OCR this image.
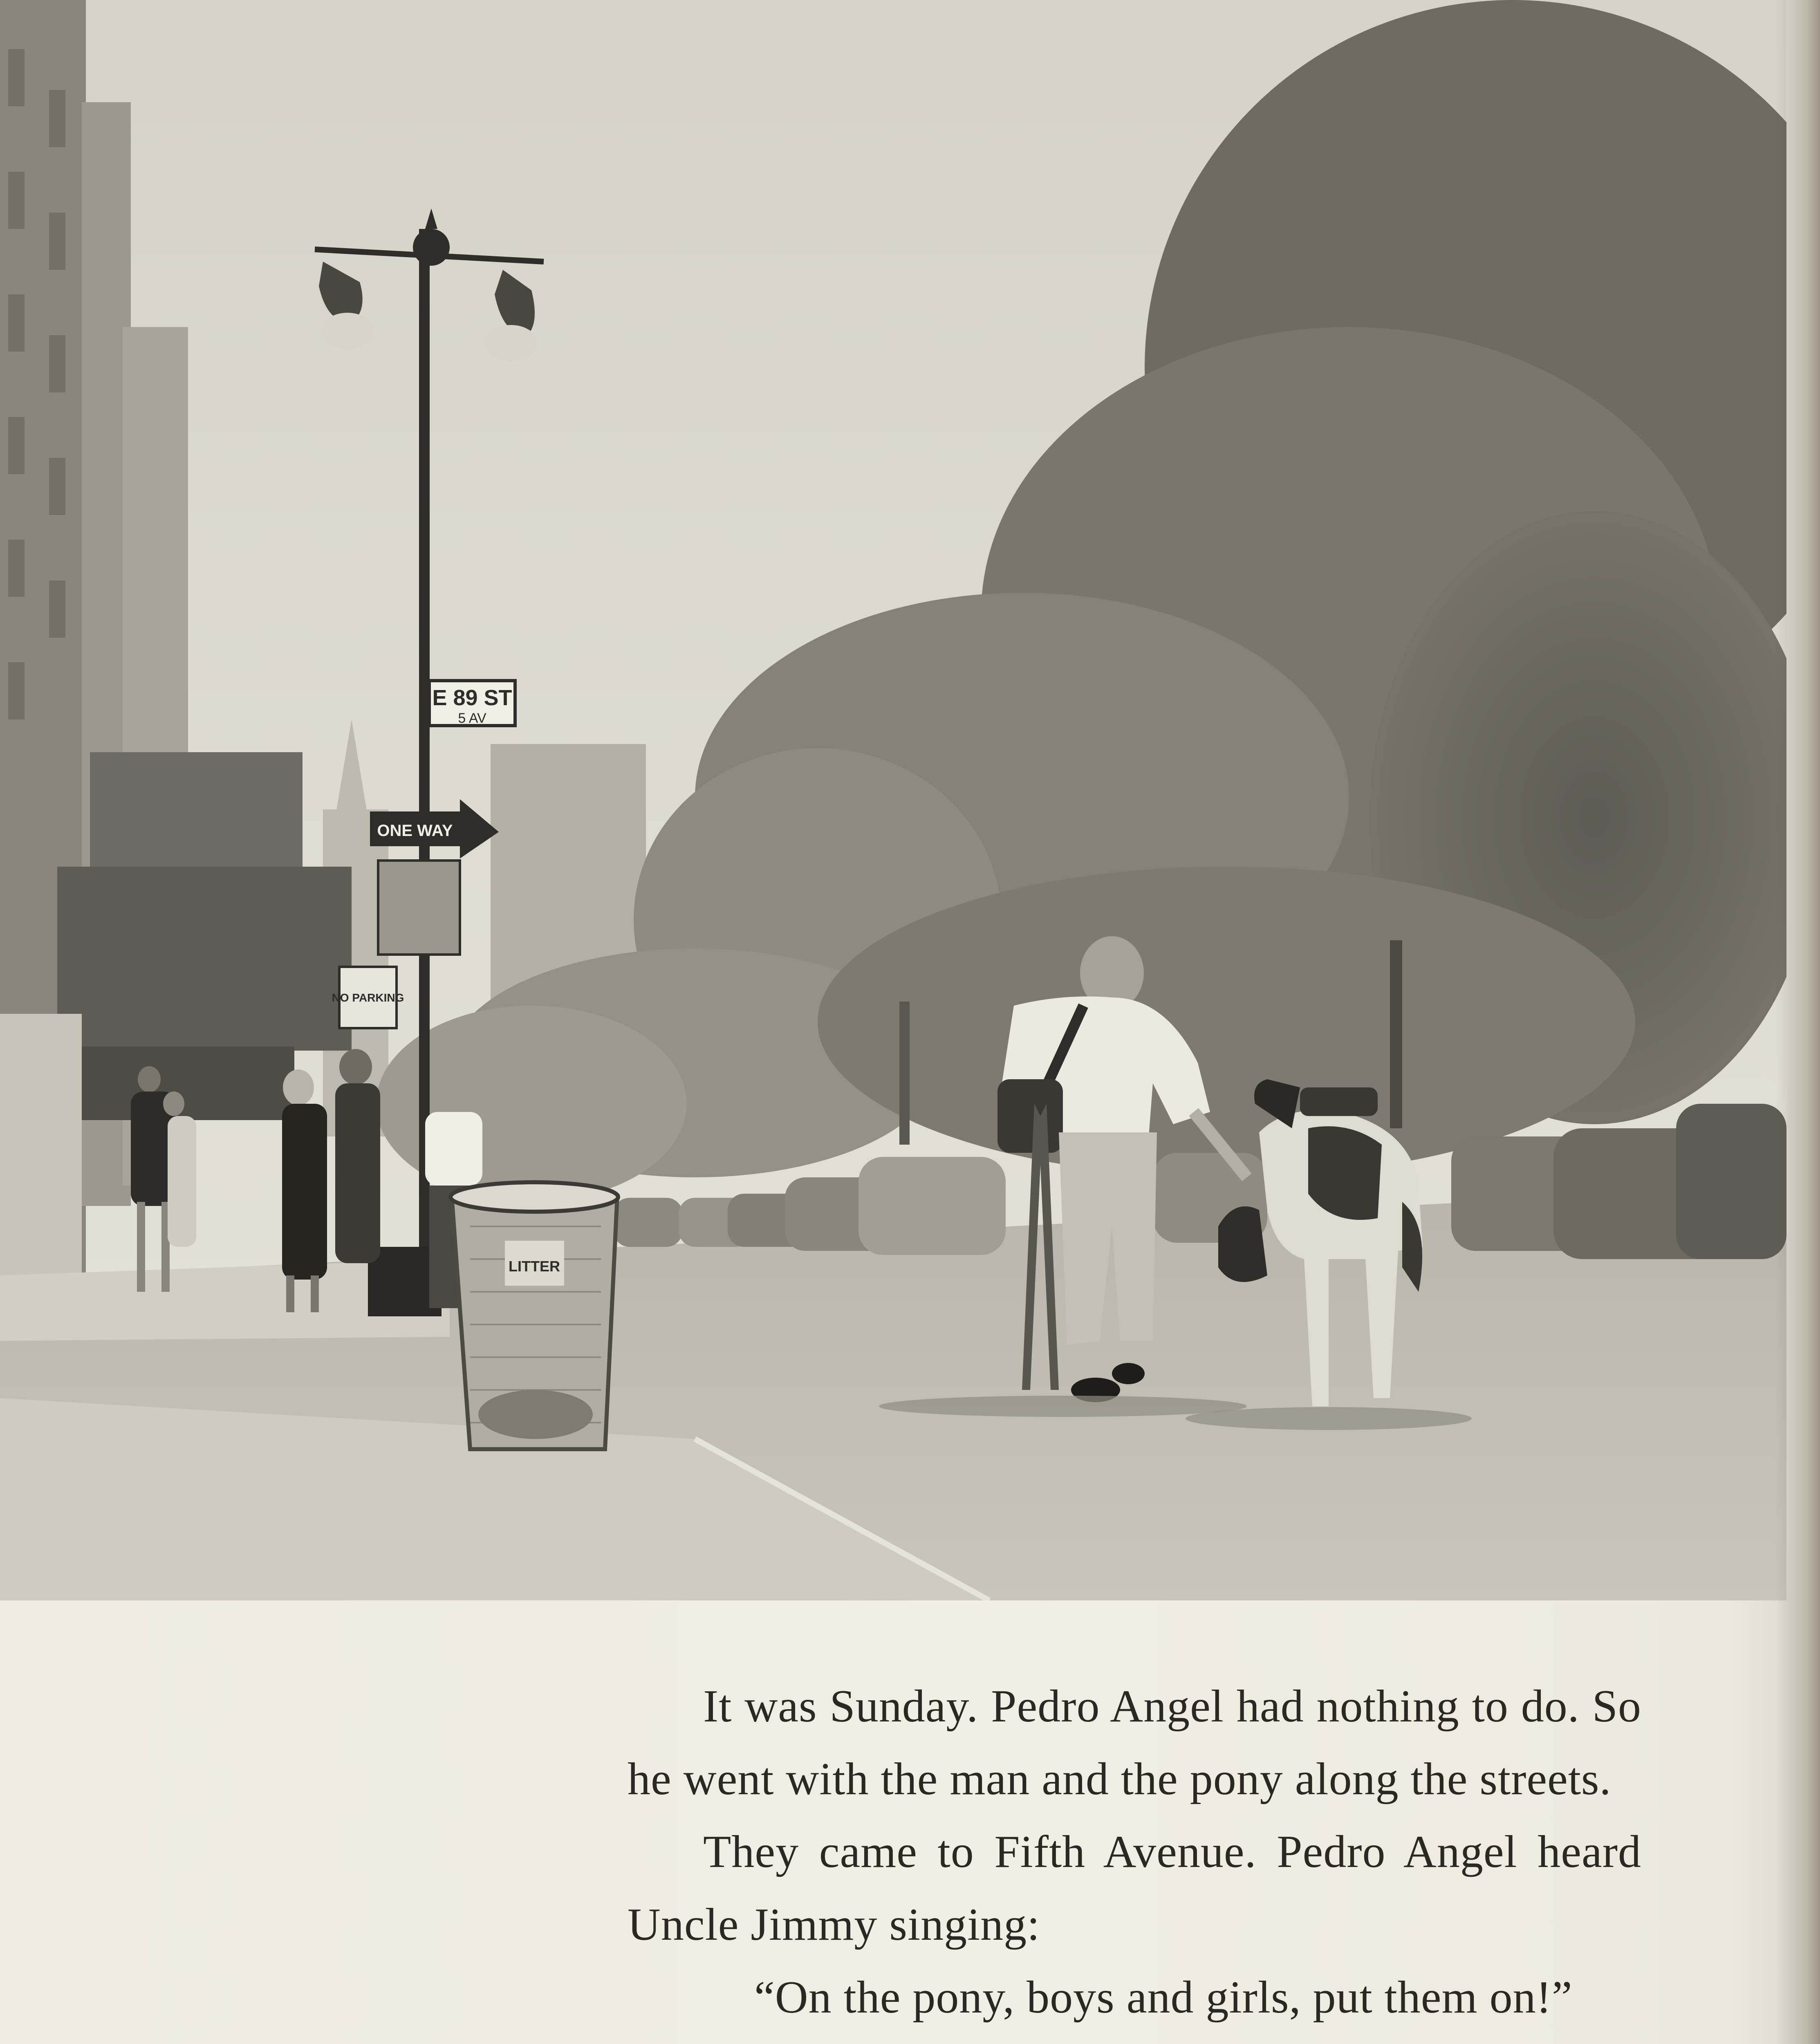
E 89 ST
5 AV
ONE WAY
NO PARKING
LITTER

It was Sunday. Pedro Angel had nothing to do. So he went with the man and the pony along the streets.

They came to Fifth Avenue. Pedro Angel heard Uncle Jimmy singing:

“On the pony, boys and girls, put them on!”
